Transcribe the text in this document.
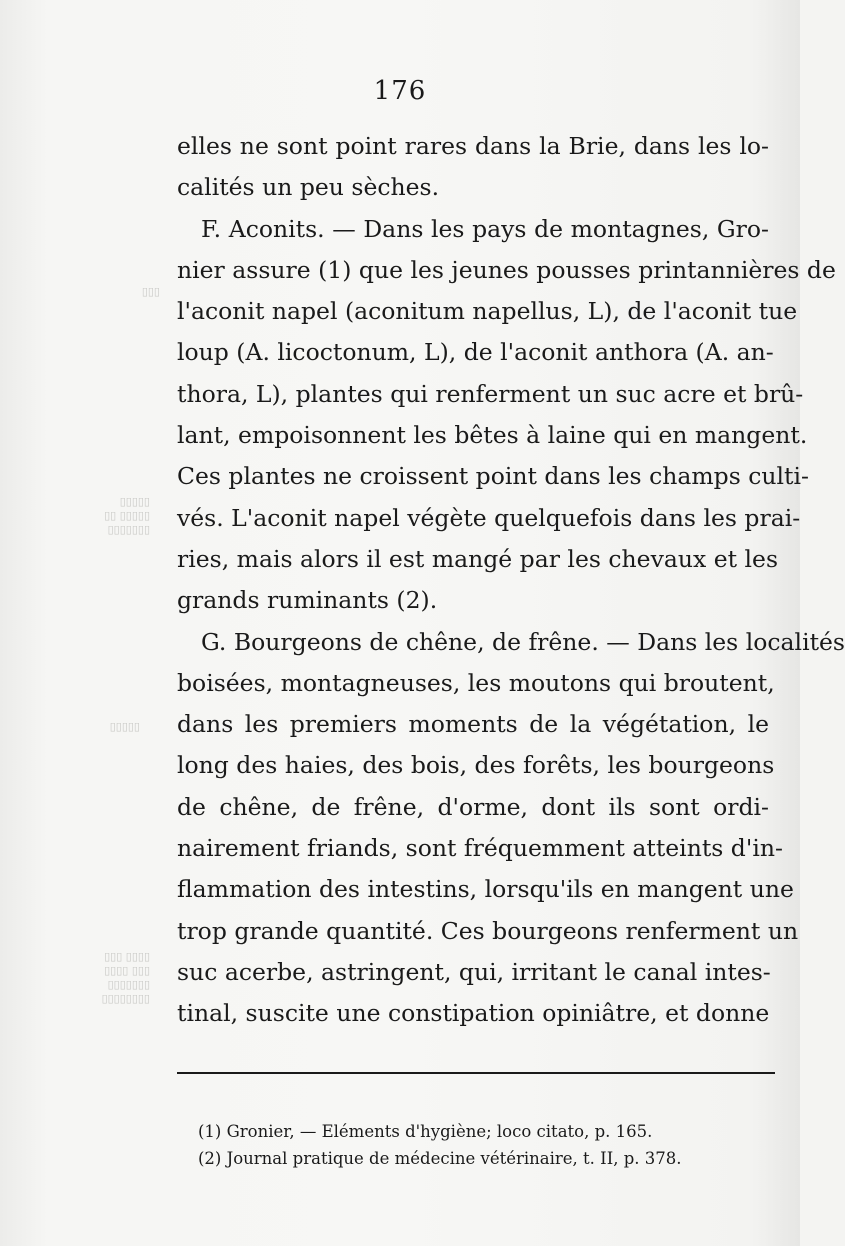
▯▯▯▯▯
▯▯ ▯▯▯▯▯
▯▯▯▯▯▯▯
▯▯▯ ▯▯▯▯
▯▯▯▯ ▯▯▯
▯▯▯▯▯▯▯
▯▯▯▯▯▯▯▯
▯▯▯▯▯
▯▯▯
176
elles ne sont point rares dans la Brie, dans les lo-
calités un peu sèches.
F. Aconits. — Dans les pays de montagnes, Gro-
nier assure (1) que les jeunes pousses printannières de
l'aconit napel (aconitum napellus, L), de l'aconit tue
loup (A. licoctonum, L), de l'aconit anthora (A. an-
thora, L), plantes qui renferment un suc acre et brû-
lant, empoisonnent les bêtes à laine qui en mangent.
Ces plantes ne croissent point dans les champs culti-
vés. L'aconit napel végète quelquefois dans les prai-
ries, mais alors il est mangé par les chevaux et les
grands ruminants (2).
G. Bourgeons de chêne, de frêne. — Dans les localités
boisées, montagneuses, les moutons qui broutent,
dans les premiers moments de la végétation, le
long des haies, des bois, des forêts, les bourgeons
de chêne, de frêne, d'orme, dont ils sont ordi-
nairement friands, sont fréquemment atteints d'in-
flammation des intestins, lorsqu'ils en mangent une
trop grande quantité. Ces bourgeons renferment un
suc acerbe, astringent, qui, irritant le canal intes-
tinal, suscite une constipation opiniâtre, et donne
(1) Gronier, — Eléments d'hygiène; loco citato, p. 165.
(2) Journal pratique de médecine vétérinaire, t. II, p. 378.
